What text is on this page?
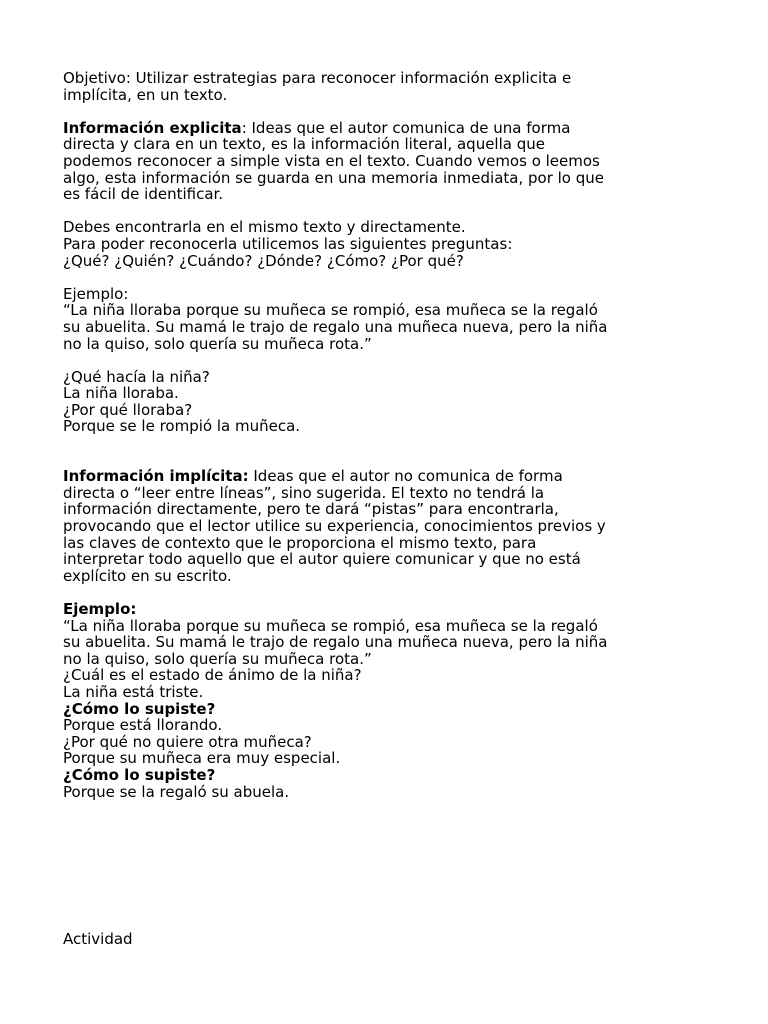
Objetivo: Utilizar estrategias para reconocer información explicita e
implícita, en un texto.
Información explicita: Ideas que el autor comunica de una forma
directa y clara en un texto, es la información literal, aquella que
podemos reconocer a simple vista en el texto. Cuando vemos o leemos
algo, esta información se guarda en una memoria inmediata, por lo que
es fácil de identificar.
Debes encontrarla en el mismo texto y directamente.
Para poder reconocerla utilicemos las siguientes preguntas:
¿Qué? ¿Quién? ¿Cuándo? ¿Dónde? ¿Cómo? ¿Por qué?
Ejemplo:
“La niña lloraba porque su muñeca se rompió, esa muñeca se la regaló
su abuelita. Su mamá le trajo de regalo una muñeca nueva, pero la niña
no la quiso, solo quería su muñeca rota.”
¿Qué hacía la niña?
La niña lloraba.
¿Por qué lloraba?
Porque se le rompió la muñeca.
Información implícita: Ideas que el autor no comunica de forma
directa o “leer entre líneas”, sino sugerida. El texto no tendrá la
información directamente, pero te dará “pistas” para encontrarla,
provocando que el lector utilice su experiencia, conocimientos previos y
las claves de contexto que le proporciona el mismo texto, para
interpretar todo aquello que el autor quiere comunicar y que no está
explícito en su escrito.
Ejemplo:
“La niña lloraba porque su muñeca se rompió, esa muñeca se la regaló
su abuelita. Su mamá le trajo de regalo una muñeca nueva, pero la niña
no la quiso, solo quería su muñeca rota.”
¿Cuál es el estado de ánimo de la niña?
La niña está triste.
¿Cómo lo supiste?
Porque está llorando.
¿Por qué no quiere otra muñeca?
Porque su muñeca era muy especial.
¿Cómo lo supiste?
Porque se la regaló su abuela.
Actividad
